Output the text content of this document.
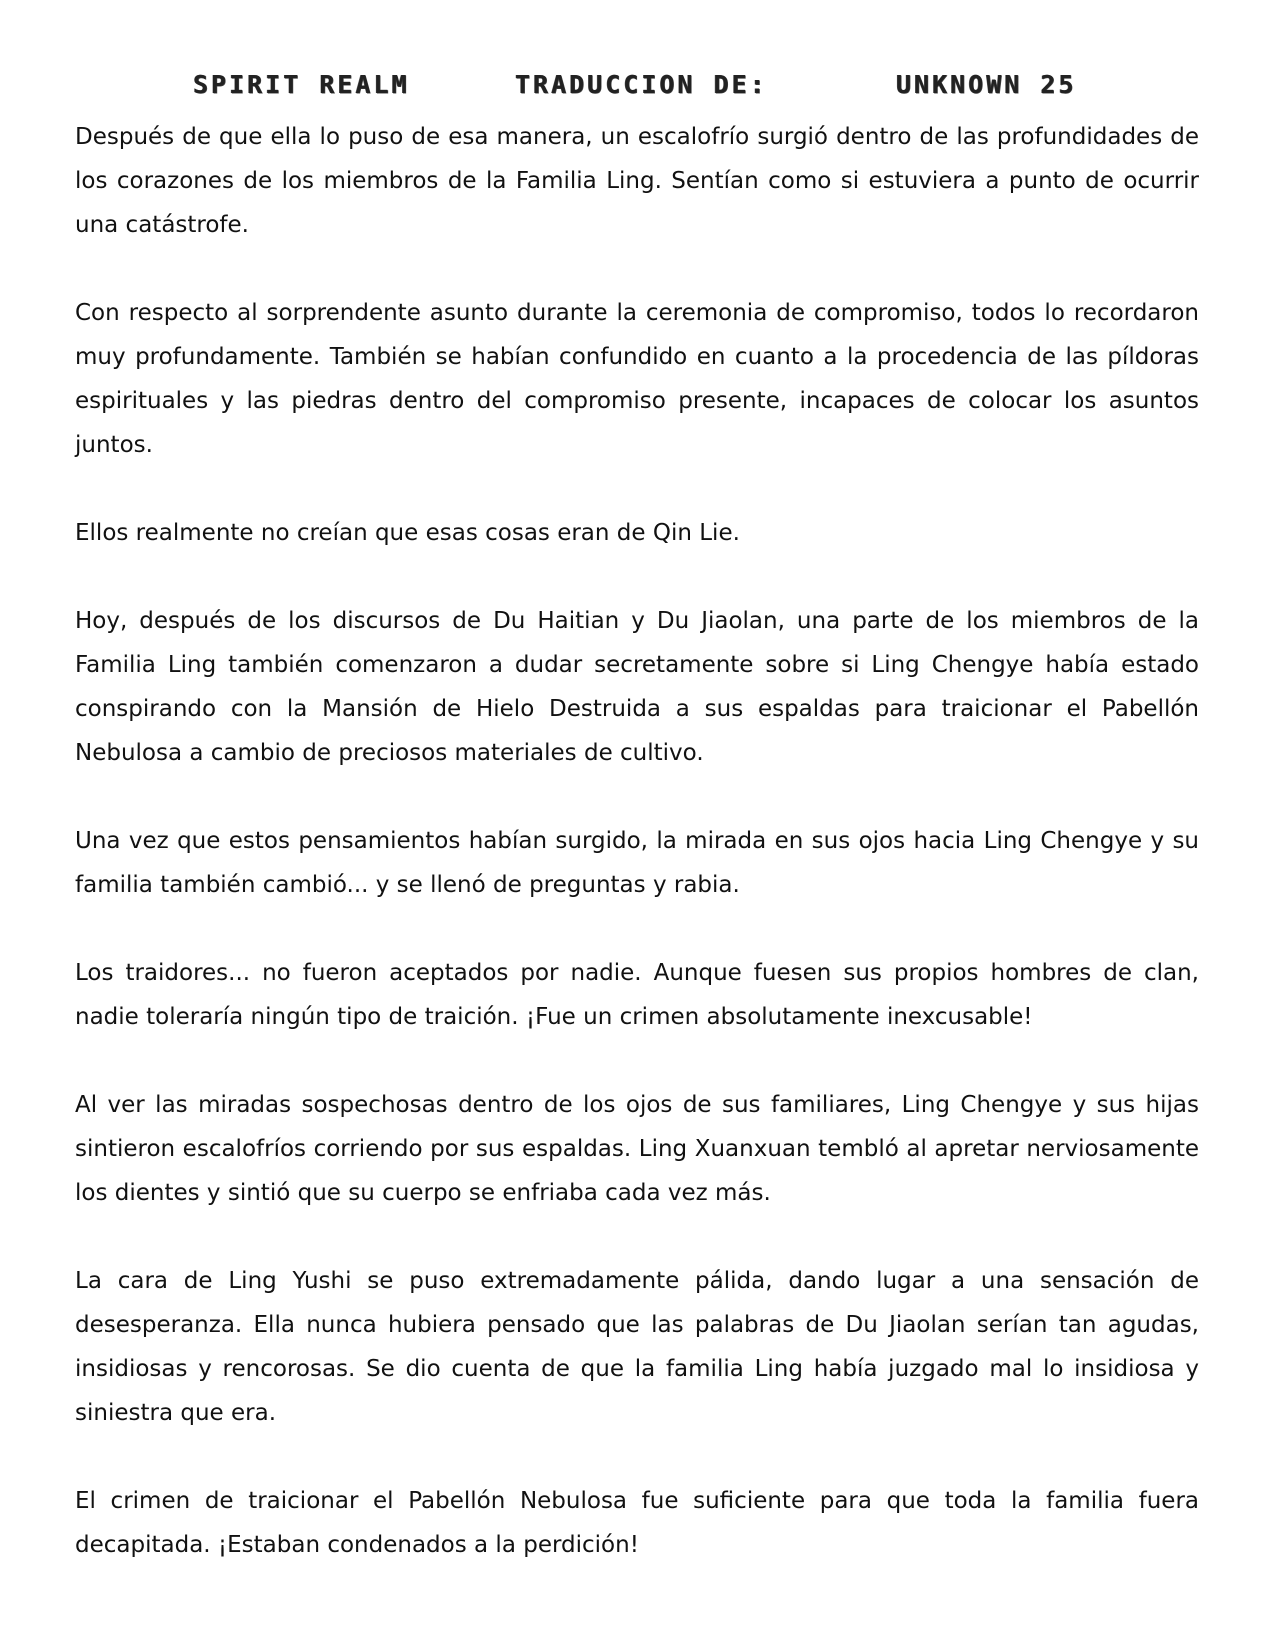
SPIRIT REALM	TRADUCCION DE:	UNKNOWN 25

Después de que ella lo puso de esa manera, un escalofrío surgió dentro de las profundidades de los corazones de los miembros de la Familia Ling. Sentían como si estuviera a punto de ocurrir una catástrofe.

Con respecto al sorprendente asunto durante la ceremonia de compromiso, todos lo recordaron muy profundamente. También se habían confundido en cuanto a la procedencia de las píldoras espirituales y las piedras dentro del compromiso presente, incapaces de colocar los asuntos juntos.

Ellos realmente no creían que esas cosas eran de Qin Lie.

Hoy, después de los discursos de Du Haitian y Du Jiaolan, una parte de los miembros de la Familia Ling también comenzaron a dudar secretamente sobre si Ling Chengye había estado conspirando con la Mansión de Hielo Destruida a sus espaldas para traicionar el Pabellón Nebulosa a cambio de preciosos materiales de cultivo.

Una vez que estos pensamientos habían surgido, la mirada en sus ojos hacia Ling Chengye y su familia también cambió... y se llenó de preguntas y rabia.

Los traidores... no fueron aceptados por nadie. Aunque fuesen sus propios hombres de clan, nadie toleraría ningún tipo de traición. ¡Fue un crimen absolutamente inexcusable!

Al ver las miradas sospechosas dentro de los ojos de sus familiares, Ling Chengye y sus hijas sintieron escalofríos corriendo por sus espaldas. Ling Xuanxuan tembló al apretar nerviosamente los dientes y sintió que su cuerpo se enfriaba cada vez más.

La cara de Ling Yushi se puso extremadamente pálida, dando lugar a una sensación de desesperanza. Ella nunca hubiera pensado que las palabras de Du Jiaolan serían tan agudas, insidiosas y rencorosas. Se dio cuenta de que la familia Ling había juzgado mal lo insidiosa y siniestra que era.

El crimen de traicionar el Pabellón Nebulosa fue suficiente para que toda la familia fuera decapitada. ¡Estaban condenados a la perdición!
